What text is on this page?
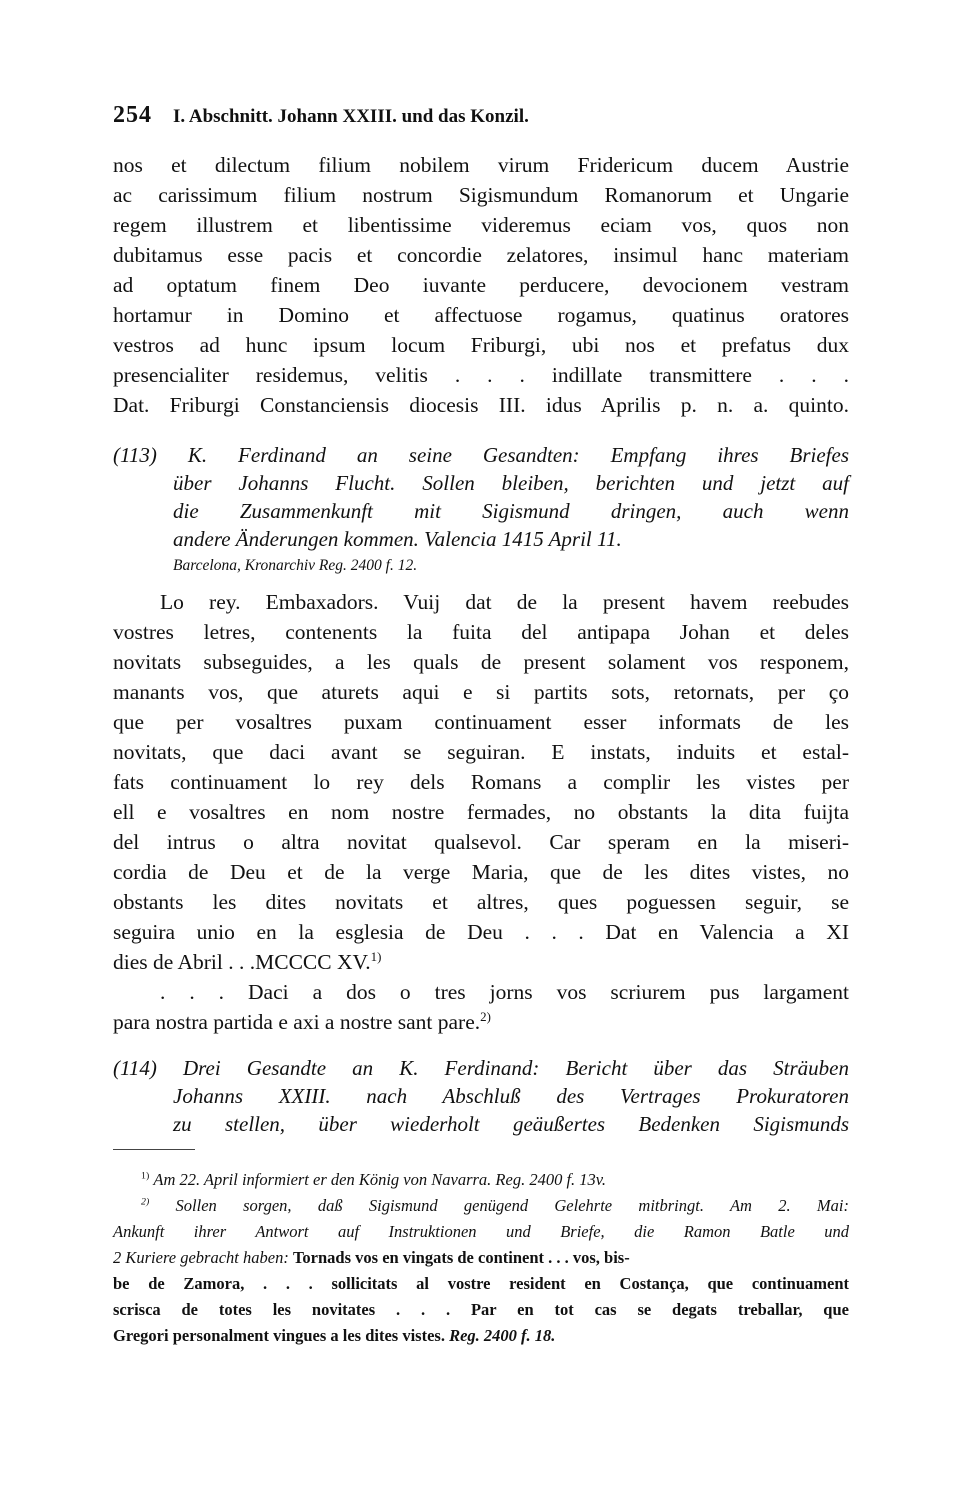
254 I. Abschnitt. Johann XXIII. und das Konzil.
nos et dilectum filium nobilem virum Fridericum ducem Austrie
ac carissimum filium nostrum Sigismundum Romanorum et Ungarie
regem illustrem et libentissime videremus eciam vos, quos non
dubitamus esse pacis et concordie zelatores, insimul hanc materiam
ad optatum finem Deo iuvante perducere, devocionem vestram
hortamur in Domino et affectuose rogamus, quatinus oratores
vestros ad hunc ipsum locum Friburgi, ubi nos et prefatus dux
presencialiter residemus, velitis . . . indillate transmittere . . .
Dat. Friburgi Constanciensis diocesis III. idus Aprilis p. n. a. quinto.
(113) K. Ferdinand an seine Gesandten: Empfang ihres Briefes
über Johanns Flucht. Sollen bleiben, berichten und jetzt auf
die Zusammenkunft mit Sigismund dringen, auch wenn
andere Änderungen kommen. Valencia 1415 April 11.
Barcelona, Kronarchiv Reg. 2400 f. 12.
Lo rey. Embaxadors. Vuij dat de la present havem reebudes
vostres letres, contenents la fuita del antipapa Johan et deles
novitats subseguides, a les quals de present solament vos responem,
manants vos, que aturets aqui e si partits sots, retornats, per ço
que per vosaltres puxam continuament esser informats de les
novitats, que daci avant se seguiran. E instats, induits et estal-
fats continuament lo rey dels Romans a complir les vistes per
ell e vosaltres en nom nostre fermades, no obstants la dita fuijta
del intrus o altra novitat qualsevol. Car speram en la miseri-
cordia de Deu et de la verge Maria, que de les dites vistes, no
obstants les dites novitats et altres, ques poguessen seguir, se
seguira unio en la esglesia de Deu . . . Dat en Valencia a XI
dies de Abril . . .MCCCC XV.$^{1)}$
. . . Daci a dos o tres jorns vos scriurem pus largament
para nostra partida e axi a nostre sant pare.$^{2)}$
(114) Drei Gesandte an K. Ferdinand: Bericht über das Sträuben
Johanns XXIII. nach Abschluß des Vertrages Prokuratoren
zu stellen, über wiederholt geäußertes Bedenken Sigismunds
$^{1)}$ Am 22. April informiert er den König von Navarra. Reg. 2400 f. 13v.
$^{2)}$ Sollen sorgen, daß Sigismund genügend Gelehrte mitbringt. Am 2. Mai:
Ankunft ihrer Antwort auf Instruktionen und Briefe, die Ramon Batle und
2 Kuriere gebracht haben: Tornads vos en vingats de continent . . . vos, bis-
be de Zamora, . . . sollicitats al vostre resident en Costança, que continuament
scrisca de totes les novitates . . . Par en tot cas se degats treballar, que
Gregori personalment vingues a les dites vistes. Reg. 2400 f. 18.
